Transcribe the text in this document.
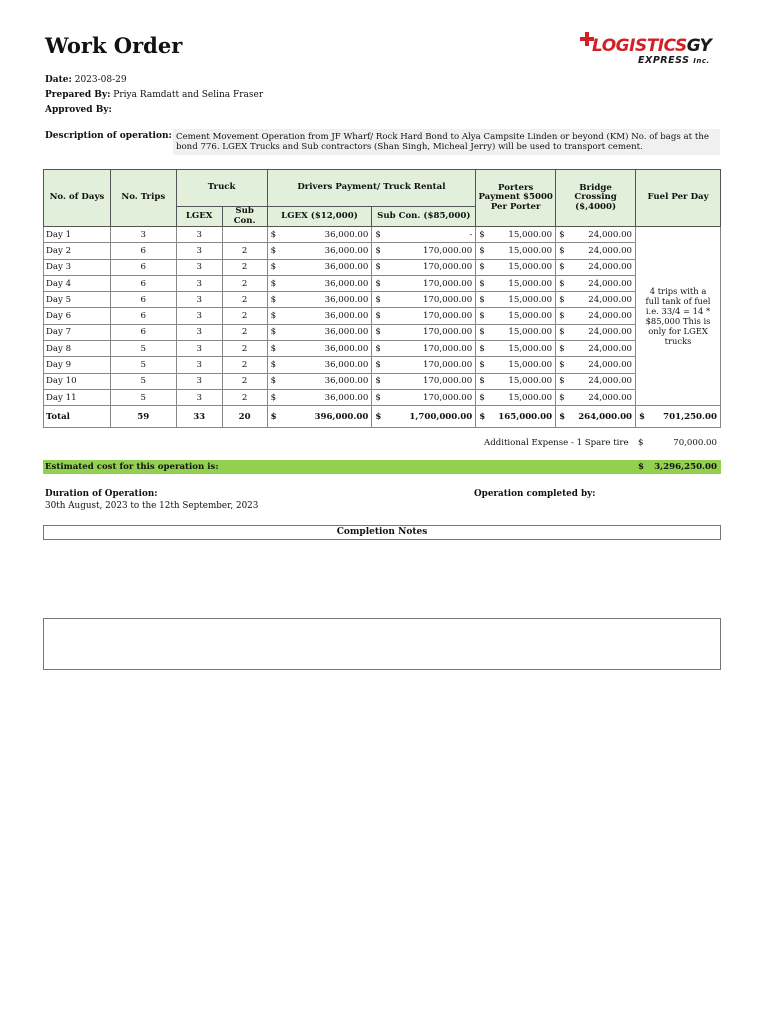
Work Order	LOGISTICSGY
EXPRESS Inc.
Date: 2023-08-29
Prepared By: Priya Ramdatt and Selina Fraser
Approved By:
Description of operation: Cement Movement Operation from JF Wharf/ Rock Hard Bond to Alya Campsite Linden or beyond (KM) No. of bags at the bond 776. LGEX Trucks and Sub contractors (Shan Singh, Micheal Jerry) will be used to transport cement.
No. of Days	No. Trips	Truck		Drivers Payment/ Truck Rental		Porters Payment $5000 Per Porter	Bridge Crossing ($,4000)	Fuel Per Day
		LGEX	Sub Con.	LGEX ($12,000)	Sub Con. ($85,000)			
Day 1	3	3		$ 36,000.00	$ -	$ 15,000.00	$ 24,000.00	4 trips with a full tank of fuel i.e. 33/4 = 14 * $85,000 This is only for LGEX trucks
Day 2	6	3	2	$ 36,000.00	$ 170,000.00	$ 15,000.00	$ 24,000.00	
Day 3	6	3	2	$ 36,000.00	$ 170,000.00	$ 15,000.00	$ 24,000.00	
Day 4	6	3	2	$ 36,000.00	$ 170,000.00	$ 15,000.00	$ 24,000.00	
Day 5	6	3	2	$ 36,000.00	$ 170,000.00	$ 15,000.00	$ 24,000.00	
Day 6	6	3	2	$ 36,000.00	$ 170,000.00	$ 15,000.00	$ 24,000.00	
Day 7	6	3	2	$ 36,000.00	$ 170,000.00	$ 15,000.00	$ 24,000.00	
Day 8	5	3	2	$ 36,000.00	$ 170,000.00	$ 15,000.00	$ 24,000.00	
Day 9	5	3	2	$ 36,000.00	$ 170,000.00	$ 15,000.00	$ 24,000.00	
Day 10	5	3	2	$ 36,000.00	$ 170,000.00	$ 15,000.00	$ 24,000.00	
Day 11	5	3	2	$ 36,000.00	$ 170,000.00	$ 15,000.00	$ 24,000.00	
Total	59	33	20	$ 396,000.00	$ 1,700,000.00	$ 165,000.00	$ 264,000.00	$ 701,250.00
Additional Expense - 1 Spare tire $	70,000.00
Estimated cost for this operation is:	$ 3,296,250.00
Duration of Operation:
30th August, 2023 to the 12th September, 2023
Operation completed by:
Completion Notes
